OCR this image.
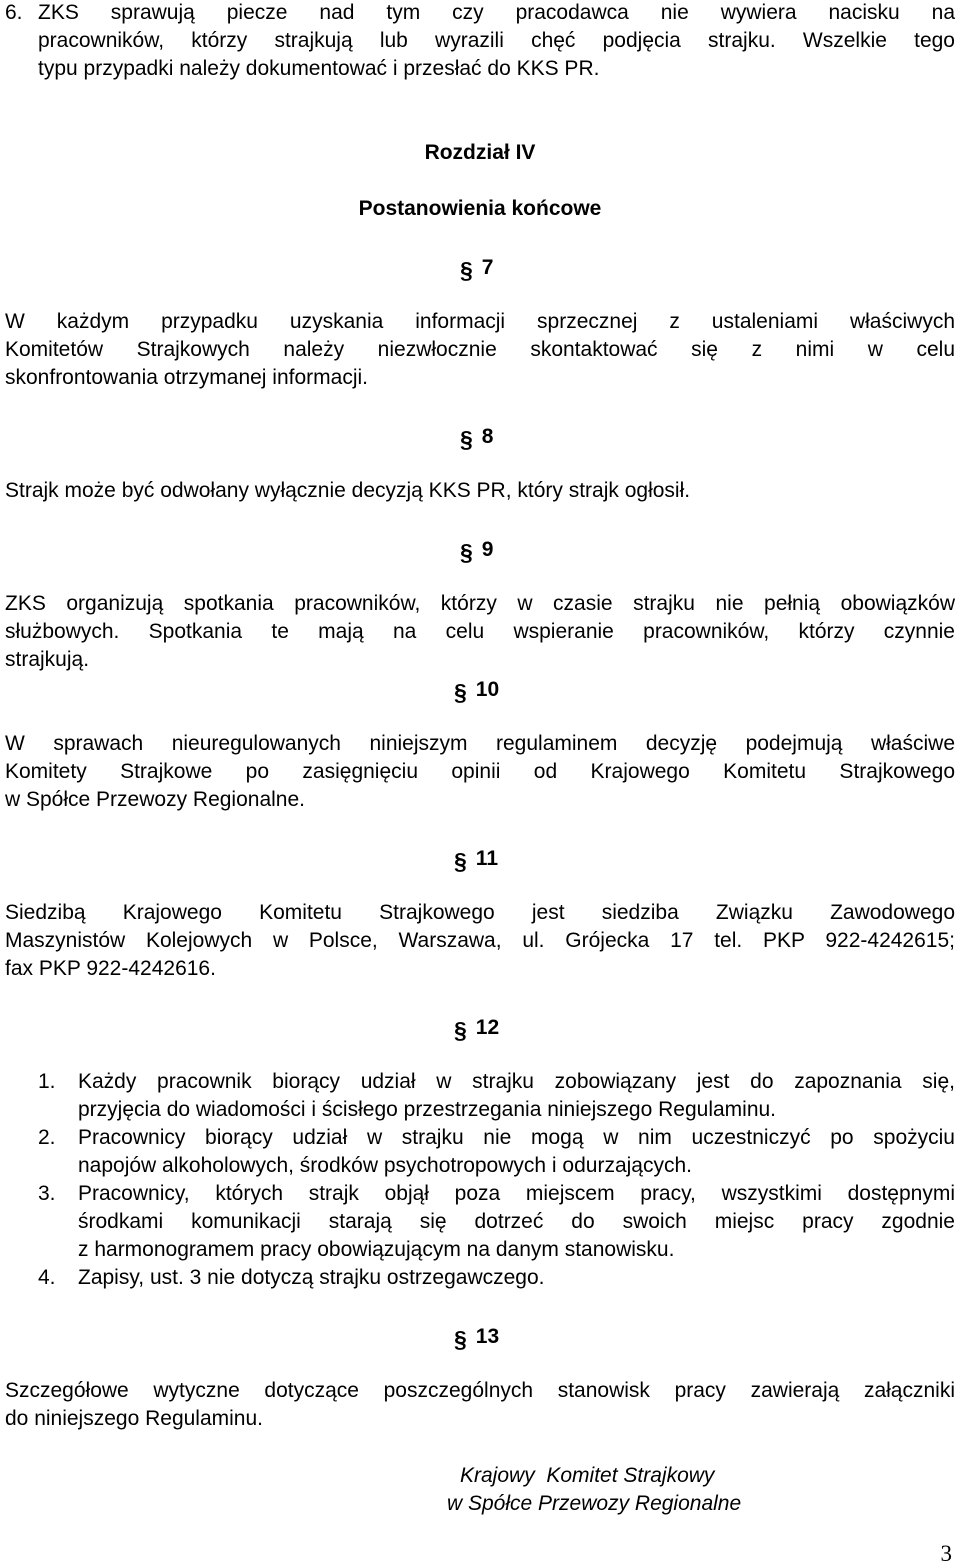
6. ZKS sprawują piecze nad tym czy pracodawca nie wywiera nacisku na
pracowników, którzy strajkują lub wyrazili chęć podjęcia strajku. Wszelkie tego
typu przypadki należy dokumentować i przesłać do KKS PR.
Rozdział IV
Postanowienia końcowe
§ 7
W każdym przypadku uzyskania informacji sprzecznej z ustaleniami właściwych
Komitetów Strajkowych należy niezwłocznie skontaktować się z nimi w celu
skonfrontowania otrzymanej informacji.
§ 8
Strajk może być odwołany wyłącznie decyzją KKS PR, który strajk ogłosił.
§ 9
ZKS organizują spotkania pracowników, którzy w czasie strajku nie pełnią obowiązków
służbowych. Spotkania te mają na celu wspieranie pracowników, którzy czynnie
strajkują.
§ 10
W sprawach nieuregulowanych niniejszym regulaminem decyzję podejmują właściwe
Komitety Strajkowe po zasięgnięciu opinii od Krajowego Komitetu Strajkowego
w Spółce Przewozy Regionalne.
§ 11
Siedzibą Krajowego Komitetu Strajkowego jest siedziba Związku Zawodowego
Maszynistów Kolejowych w Polsce, Warszawa, ul. Grójecka 17 tel. PKP 922-4242615;
fax PKP 922-4242616.
§ 12
1. Każdy pracownik biorący udział w strajku zobowiązany jest do zapoznania się,
przyjęcia do wiadomości i ścisłego przestrzegania niniejszego Regulaminu.
2. Pracownicy biorący udział w strajku nie mogą w nim uczestniczyć po spożyciu
napojów alkoholowych, środków psychotropowych i odurzających.
3. Pracownicy, których strajk objął poza miejscem pracy, wszystkimi dostępnymi
środkami komunikacji starają się dotrzeć do swoich miejsc pracy zgodnie
z harmonogramem pracy obowiązującym na danym stanowisku.
4. Zapisy, ust. 3 nie dotyczą strajku ostrzegawczego.
§ 13
Szczegółowe wytyczne dotyczące poszczególnych stanowisk pracy zawierają załączniki
do niniejszego Regulaminu.
Krajowy  Komitet Strajkowy
w Spółce Przewozy Regionalne
3
